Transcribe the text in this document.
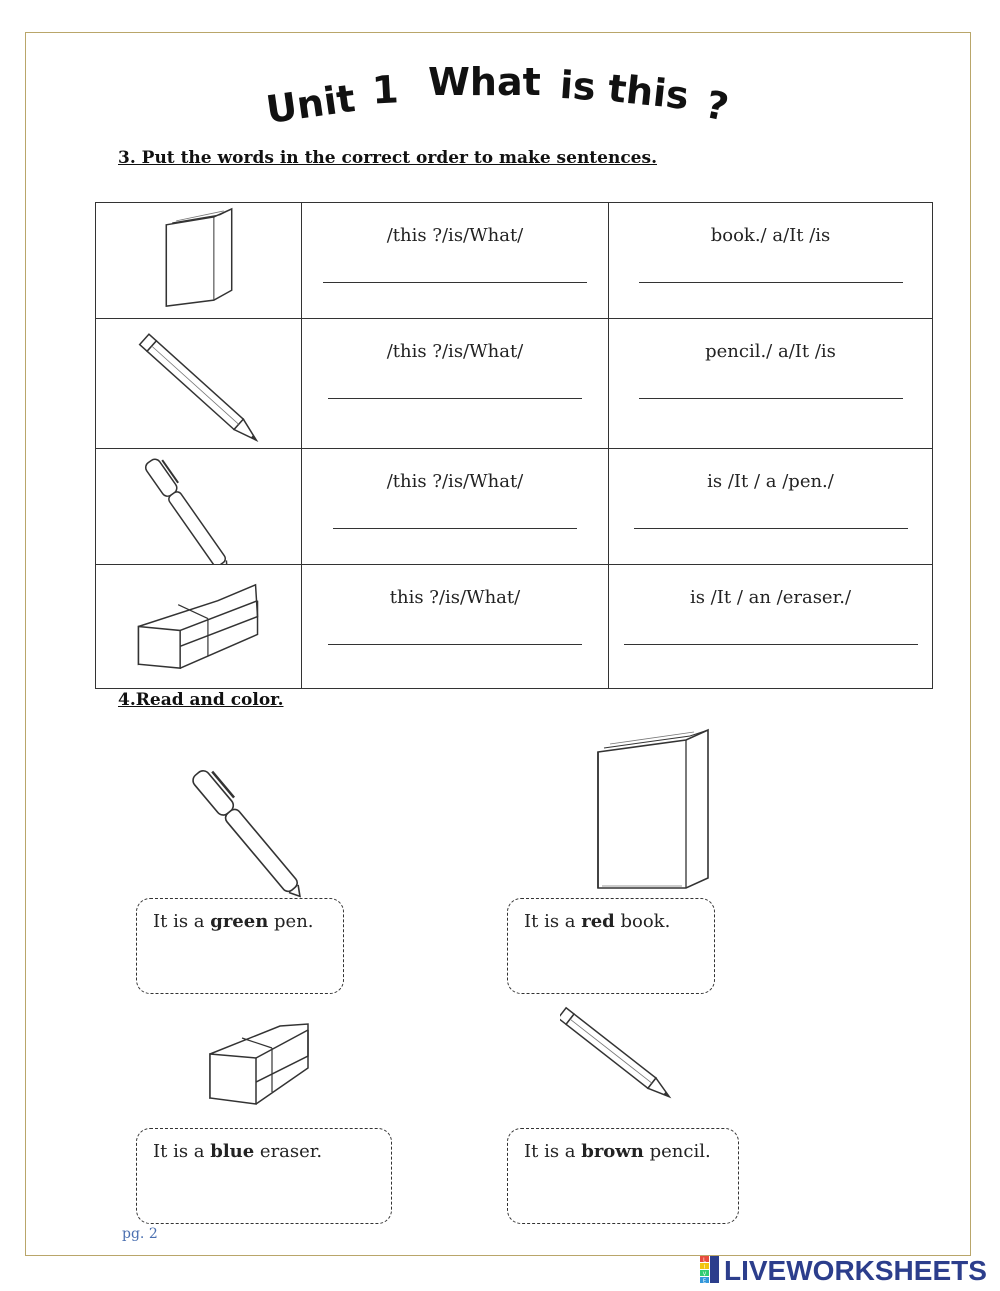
Unit 1 What is this ?
3. Put the words in the correct order to make sentences.

/this ?/is/What/	book./ a/It /is

/this ?/is/What/	pencil./ a/It /is

/this ?/is/What/	is /It / a /pen./

this ?/is/What/	is /It / an /eraser./
4.Read and color.
It is a green pen.	It is a red book.
It is a blue eraser.	It is a brown pencil.
pg. 2
L
I
V
E LIVEWORKSHEETS
